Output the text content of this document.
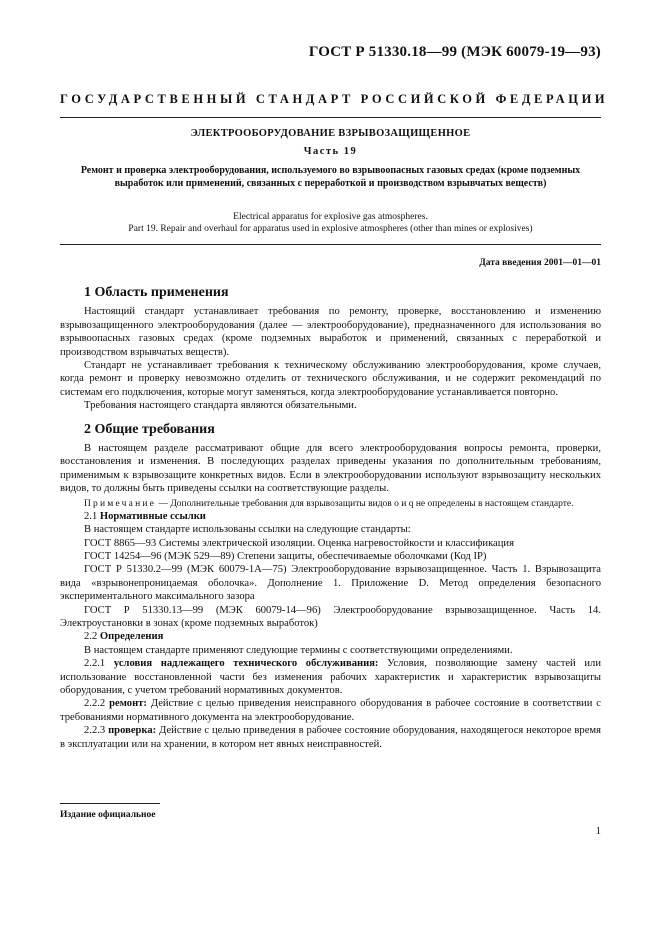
ГОСТ Р 51330.18—99 (МЭК 60079-19—93)
ГОСУДАРСТВЕННЫЙ СТАНДАРТ РОССИЙСКОЙ ФЕДЕРАЦИИ
ЭЛЕКТРООБОРУДОВАНИЕ ВЗРЫВОЗАЩИЩЕННОЕ
Часть 19
Ремонт и проверка электрооборудования, используемого во взрывоопасных газовых средах (кроме подземных выработок или применений, связанных с переработкой и производством взрывчатых веществ)
Electrical apparatus for explosive gas atmospheres.
Part 19. Repair and overhaul for apparatus used in explosive atmospheres (other than mines or explosives)
Дата введения 2001—01—01
1 Область применения

Настоящий стандарт устанавливает требования по ремонту, проверке, восстановлению и изменению взрывозащищенного электрооборудования (далее — электрооборудование), предназначенного для использования во взрывоопасных газовых средах (кроме подземных выработок и применений, связанных с переработкой и производством взрывчатых веществ).

Стандарт не устанавливает требования к техническому обслуживанию электрооборудования, кроме случаев, когда ремонт и проверку невозможно отделить от технического обслуживания, и не содержит рекомендаций по системам его подключения, которые могут заменяться, когда электрооборудование устанавливается повторно.

Требования настоящего стандарта являются обязательными.

2 Общие требования

В настоящем разделе рассматривают общие для всего электрооборудования вопросы ремонта, проверки, восстановления и изменения. В последующих разделах приведены указания по дополнительным требованиям, применимым к взрывозащите конкретных видов. Если в электрооборудовании используют взрывозащиту нескольких видов, то должны быть приведены ссылки на соответствующие разделы.

Примечание — Дополнительные требования для взрывозащиты видов o и q не определены в настоящем стандарте.

2.1 Нормативные ссылки

В настоящем стандарте использованы ссылки на следующие стандарты:

ГОСТ 8865—93 Системы электрической изоляции. Оценка нагревостойкости и классификация

ГОСТ 14254—96 (МЭК 529—89) Степени защиты, обеспечиваемые оболочками (Код IP)

ГОСТ Р 51330.2—99 (МЭК 60079-1А—75) Электрооборудование взрывозащищенное. Часть 1. Взрывозащита вида «взрывонепроницаемая оболочка». Дополнение 1. Приложение D. Метод определения безопасного экспериментального максимального зазора

ГОСТ Р 51330.13—99 (МЭК 60079-14—96) Электрооборудование взрывозащищенное. Часть 14. Электроустановки в зонах (кроме подземных выработок)

2.2 Определения

В настоящем стандарте применяют следующие термины с соответствующими определениями.

2.2.1 условия надлежащего технического обслуживания: Условия, позволяющие замену частей или использование восстановленной части без изменения рабочих характеристик и характеристик взрывозащиты оборудования, с учетом требований нормативных документов.

2.2.2 ремонт: Действие с целью приведения неисправного оборудования в рабочее состояние в соответствии с требованиями нормативного документа на электрооборудование.

2.2.3 проверка: Действие с целью приведения в рабочее состояние оборудования, находящегося некоторое время в эксплуатации или на хранении, в котором нет явных неисправностей.

Издание официальное
1
